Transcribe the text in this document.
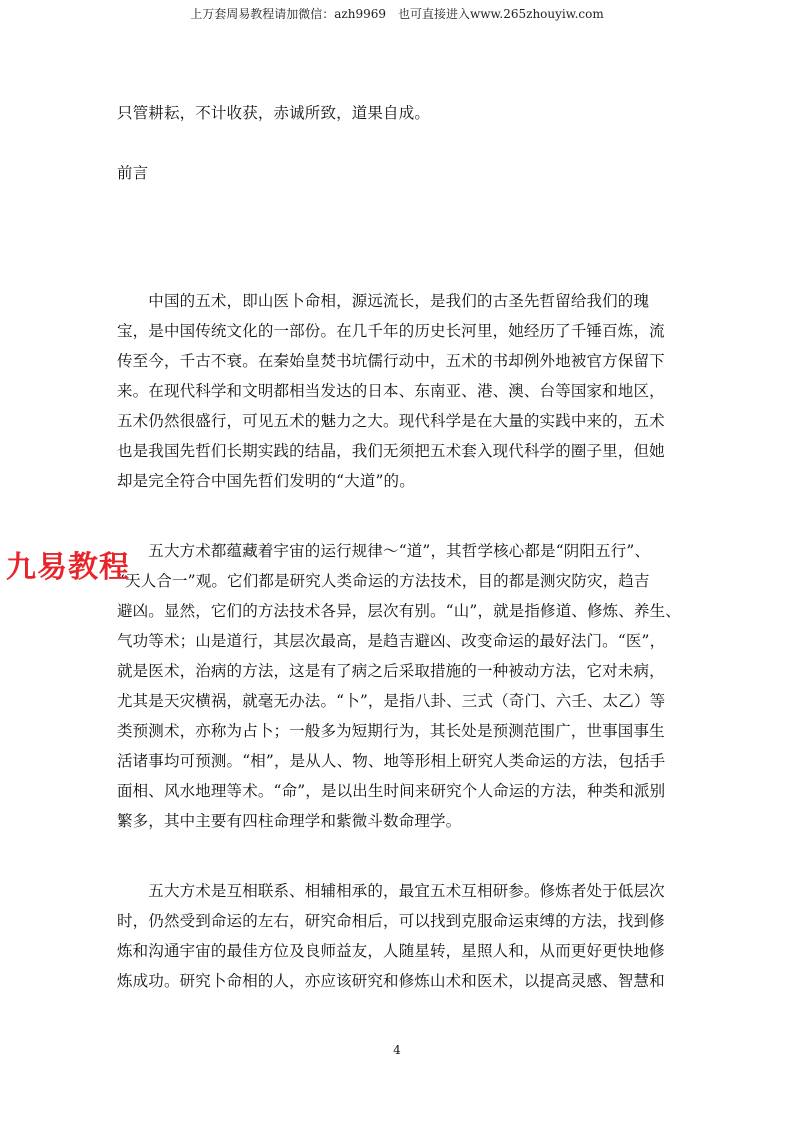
上万套周易教程请加微信：azh9969　也可直接进入www.265zhouyiw.com
只管耕耘，不计收获，赤诚所致，道果自成。
前言
　　中国的五术，即山医卜命相，源远流长，是我们的古圣先哲留给我们的瑰
宝，是中国传统文化的一部份。在几千年的历史长河里，她经历了千锤百炼，流
传至今，千古不衰。在秦始皇焚书坑儒行动中，五术的书却例外地被官方保留下
来。在现代科学和文明都相当发达的日本、东南亚、港、澳、台等国家和地区，
五术仍然很盛行，可见五术的魅力之大。现代科学是在大量的实践中来的，五术
也是我国先哲们长期实践的结晶，我们无须把五术套入现代科学的圈子里，但她
却是完全符合中国先哲们发明的“大道”的。
　　五大方术都蕴藏着宇宙的运行规律～“道”，其哲学核心都是“阴阳五行”、
“天人合一”观。它们都是研究人类命运的方法技术，目的都是测灾防灾，趋吉
避凶。显然，它们的方法技术各异，层次有别。“山”，就是指修道、修炼、养生、
气功等术；山是道行，其层次最高，是趋吉避凶、改变命运的最好法门。“医”，
就是医术，治病的方法，这是有了病之后采取措施的一种被动方法，它对未病，
尤其是天灾横祸，就毫无办法。“卜”，是指八卦、三式（奇门、六壬、太乙）等
类预测术，亦称为占卜；一般多为短期行为，其长处是预测范围广，世事国事生
活诸事均可预测。“相”，是从人、物、地等形相上研究人类命运的方法，包括手
面相、风水地理等术。“命”，是以出生时间来研究个人命运的方法，种类和派别
繁多，其中主要有四柱命理学和紫微斗数命理学。
　　五大方术是互相联系、相辅相承的，最宜五术互相研参。修炼者处于低层次
时，仍然受到命运的左右，研究命相后，可以找到克服命运束缚的方法，找到修
炼和沟通宇宙的最佳方位及良师益友，人随星转，星照人和，从而更好更快地修
炼成功。研究卜命相的人，亦应该研究和修炼山术和医术，以提高灵感、智慧和
九易教程
4
